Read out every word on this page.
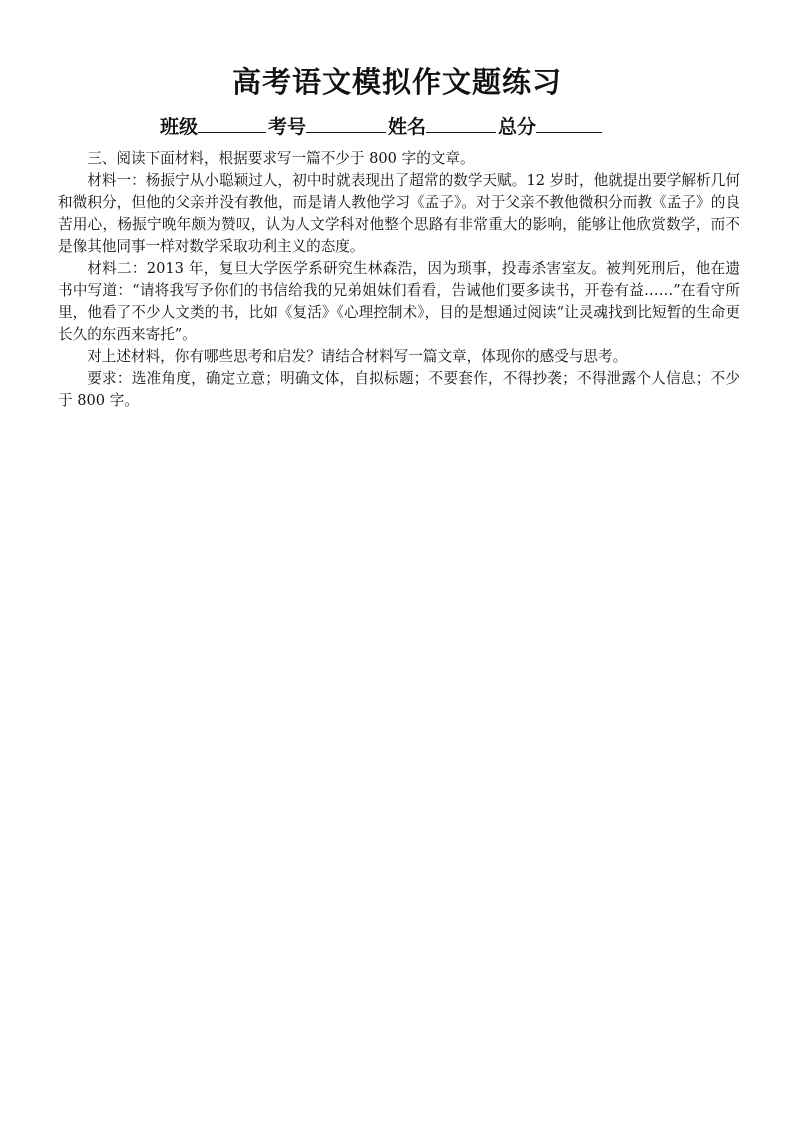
高考语文模拟作文题练习
班级	考号	姓名	总分

三、阅读下面材料，根据要求写一篇不少于 800 字的文章。

材料一：杨振宁从小聪颖过人，初中时就表现出了超常的数学天赋。12 岁时，他就提出要学解析几何和微积分，但他的父亲并没有教他，而是请人教他学习《孟子》。对于父亲不教他微积分而教《孟子》的良苦用心，杨振宁晚年颇为赞叹，认为人文学科对他整个思路有非常重大的影响，能够让他欣赏数学，而不是像其他同事一样对数学采取功利主义的态度。

材料二：2013 年，复旦大学医学系研究生林森浩，因为琐事，投毒杀害室友。被判死刑后，他在遗书中写道：“请将我写予你们的书信给我的兄弟姐妹们看看，告诫他们要多读书，开卷有益……”在看守所里，他看了不少人文类的书，比如《复活》《心理控制术》，目的是想通过阅读“让灵魂找到比短暂的生命更长久的东西来寄托”。

对上述材料，你有哪些思考和启发？请结合材料写一篇文章，体现你的感受与思考。

要求：选准角度，确定立意；明确文体，自拟标题；不要套作，不得抄袭；不得泄露个人信息；不少于 800 字。
